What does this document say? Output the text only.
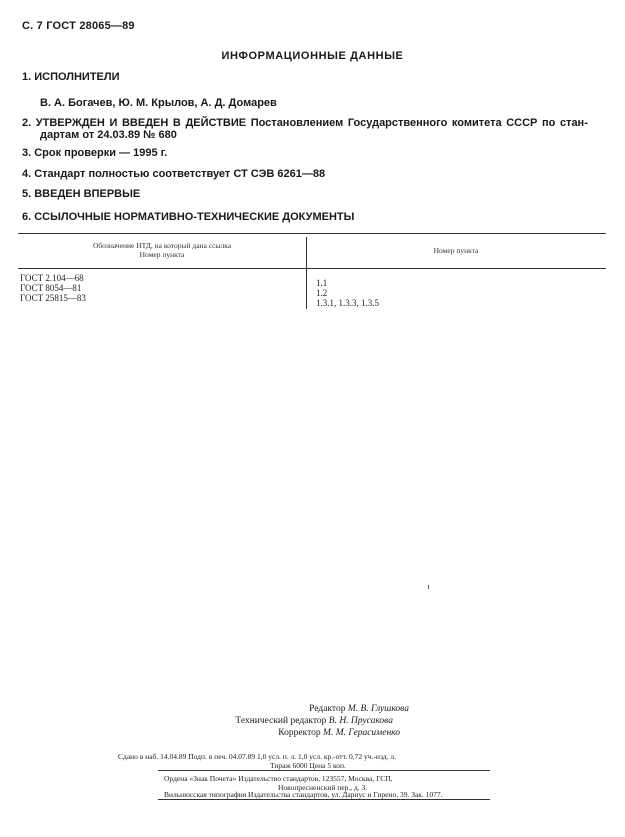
С. 7 ГОСТ 28065—89
ИНФОРМАЦИОННЫЕ ДАННЫЕ
1. ИСПОЛНИТЕЛИ
В. А. Богачев, Ю. М. Крылов, А. Д. Домарев
2. УТВЕРЖДЕН И ВВЕДЕН В ДЕЙСТВИЕ Постановлением Государственного комитета СССР по стан-
дартам от 24.03.89 № 680
3. Срок проверки — 1995 г.
4. Стандарт полностью соответствует СТ СЭВ 6261—88
5. ВВЕДЕН ВПЕРВЫЕ
6. ССЫЛОЧНЫЕ НОРМАТИВНО-ТЕХНИЧЕСКИЕ ДОКУМЕНТЫ
Обозначение НТД, на который дана ссылка
Номер пункта	Номер пункта
ГОСТ 2.104—68
ГОСТ 8054—81
ГОСТ 25815—83
1.1
1.2
1.3.1, 1.3.3, 1.3.5
Редактор М. В. Глушкова
Технический редактор В. Н. Прусакова
Корректор М. М. Герасименко
Сдано в наб. 14.04.89 Подп. в печ. 04.07.89 1,0 усл. п. л. 1,0 усл. кр.-отт. 0,72 уч.-изд. л.
Тираж 6000 Цена 5 коп.
Ордена «Знак Почета» Издательство стандартов, 123557, Москва, ГСП,
Новопресненский пер., д. 3.
Вильнюсская типография Издательства стандартов, ул. Дариус и Гирено, 39. Зак. 1077.
